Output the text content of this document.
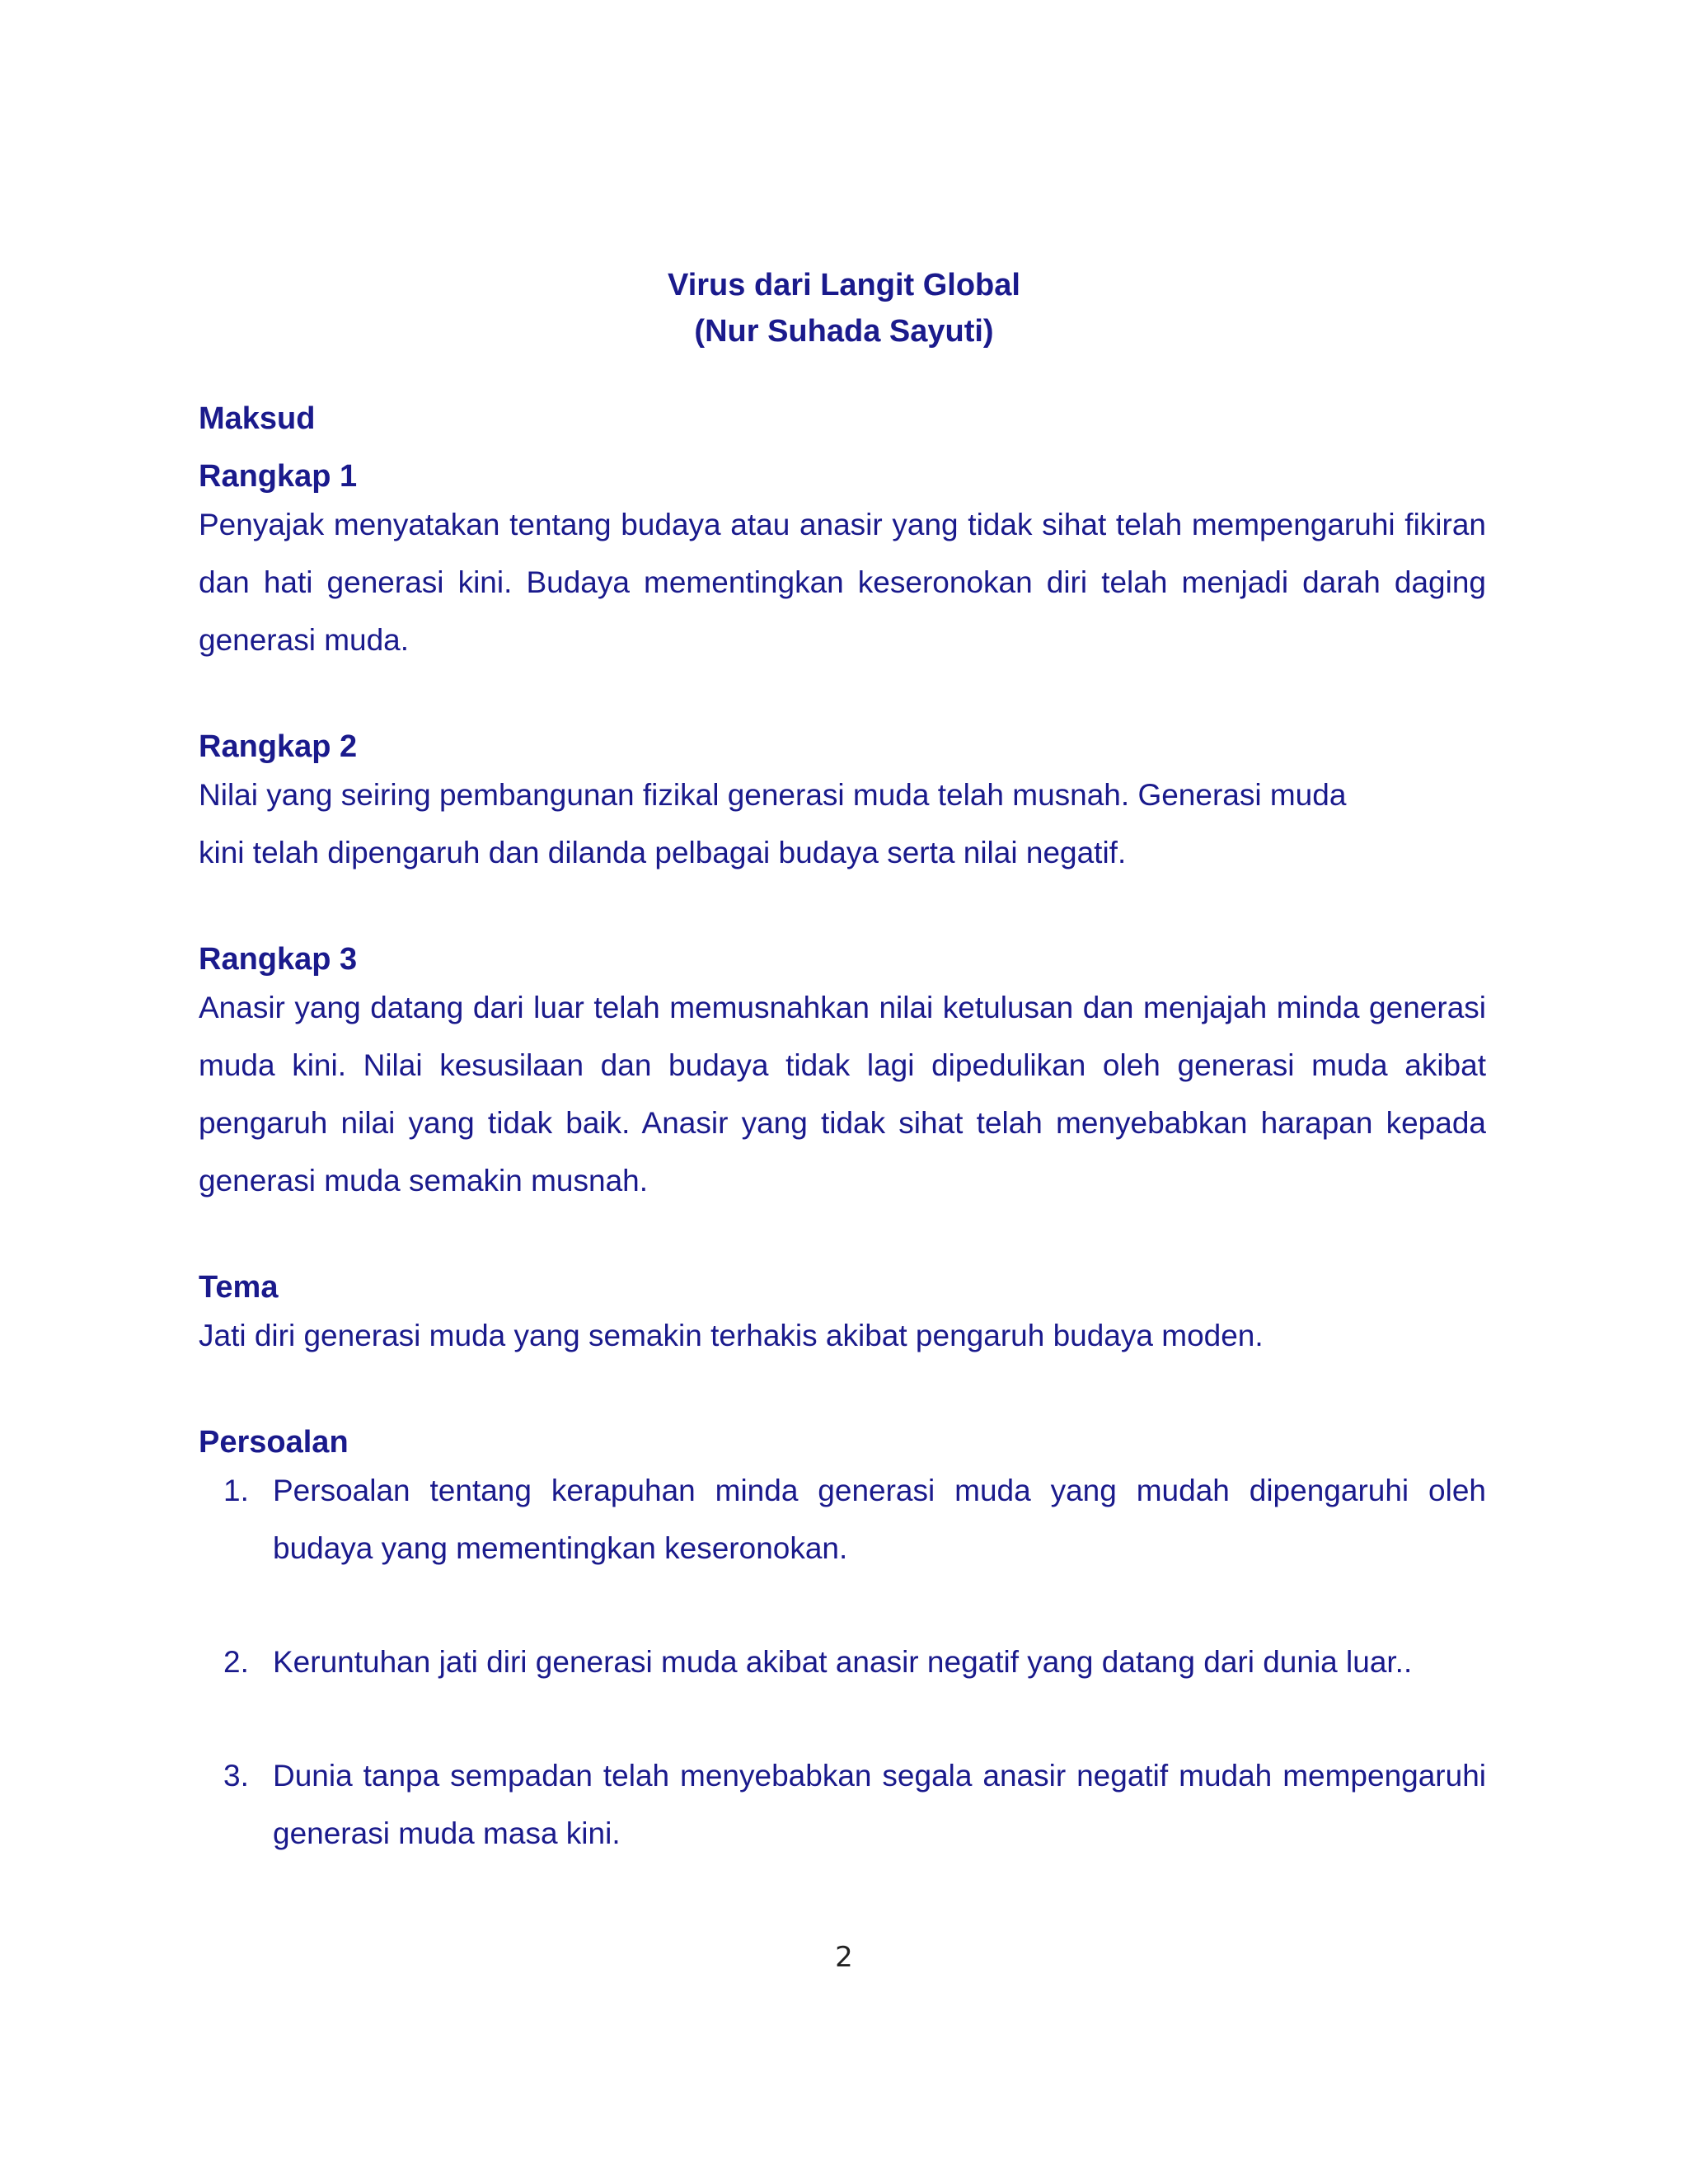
Virus dari Langit Global
(Nur Suhada Sayuti)
Maksud
Rangkap 1

Penyajak menyatakan tentang budaya atau anasir yang tidak sihat telah mempengaruhi fikiran dan hati generasi kini. Budaya mementingkan keseronokan diri telah menjadi darah daging generasi muda.

Rangkap 2

Nilai yang seiring pembangunan fizikal generasi muda telah musnah. Generasi muda
kini telah dipengaruh dan dilanda pelbagai budaya serta nilai negatif.

Rangkap 3

Anasir yang datang dari luar telah memusnahkan nilai ketulusan dan menjajah minda generasi muda kini. Nilai kesusilaan dan budaya tidak lagi dipedulikan oleh generasi muda akibat pengaruh nilai yang tidak baik. Anasir yang tidak sihat telah menyebabkan harapan kepada generasi muda semakin musnah.

Tema

Jati diri generasi muda yang semakin terhakis akibat pengaruh budaya moden.

Persoalan
1. Persoalan tentang kerapuhan minda generasi muda yang mudah dipengaruhi oleh budaya yang mementingkan keseronokan.
2. Keruntuhan jati diri generasi muda akibat anasir negatif yang datang dari dunia luar..
3. Dunia tanpa sempadan telah menyebabkan segala anasir negatif mudah mempengaruhi generasi muda masa kini.
2
